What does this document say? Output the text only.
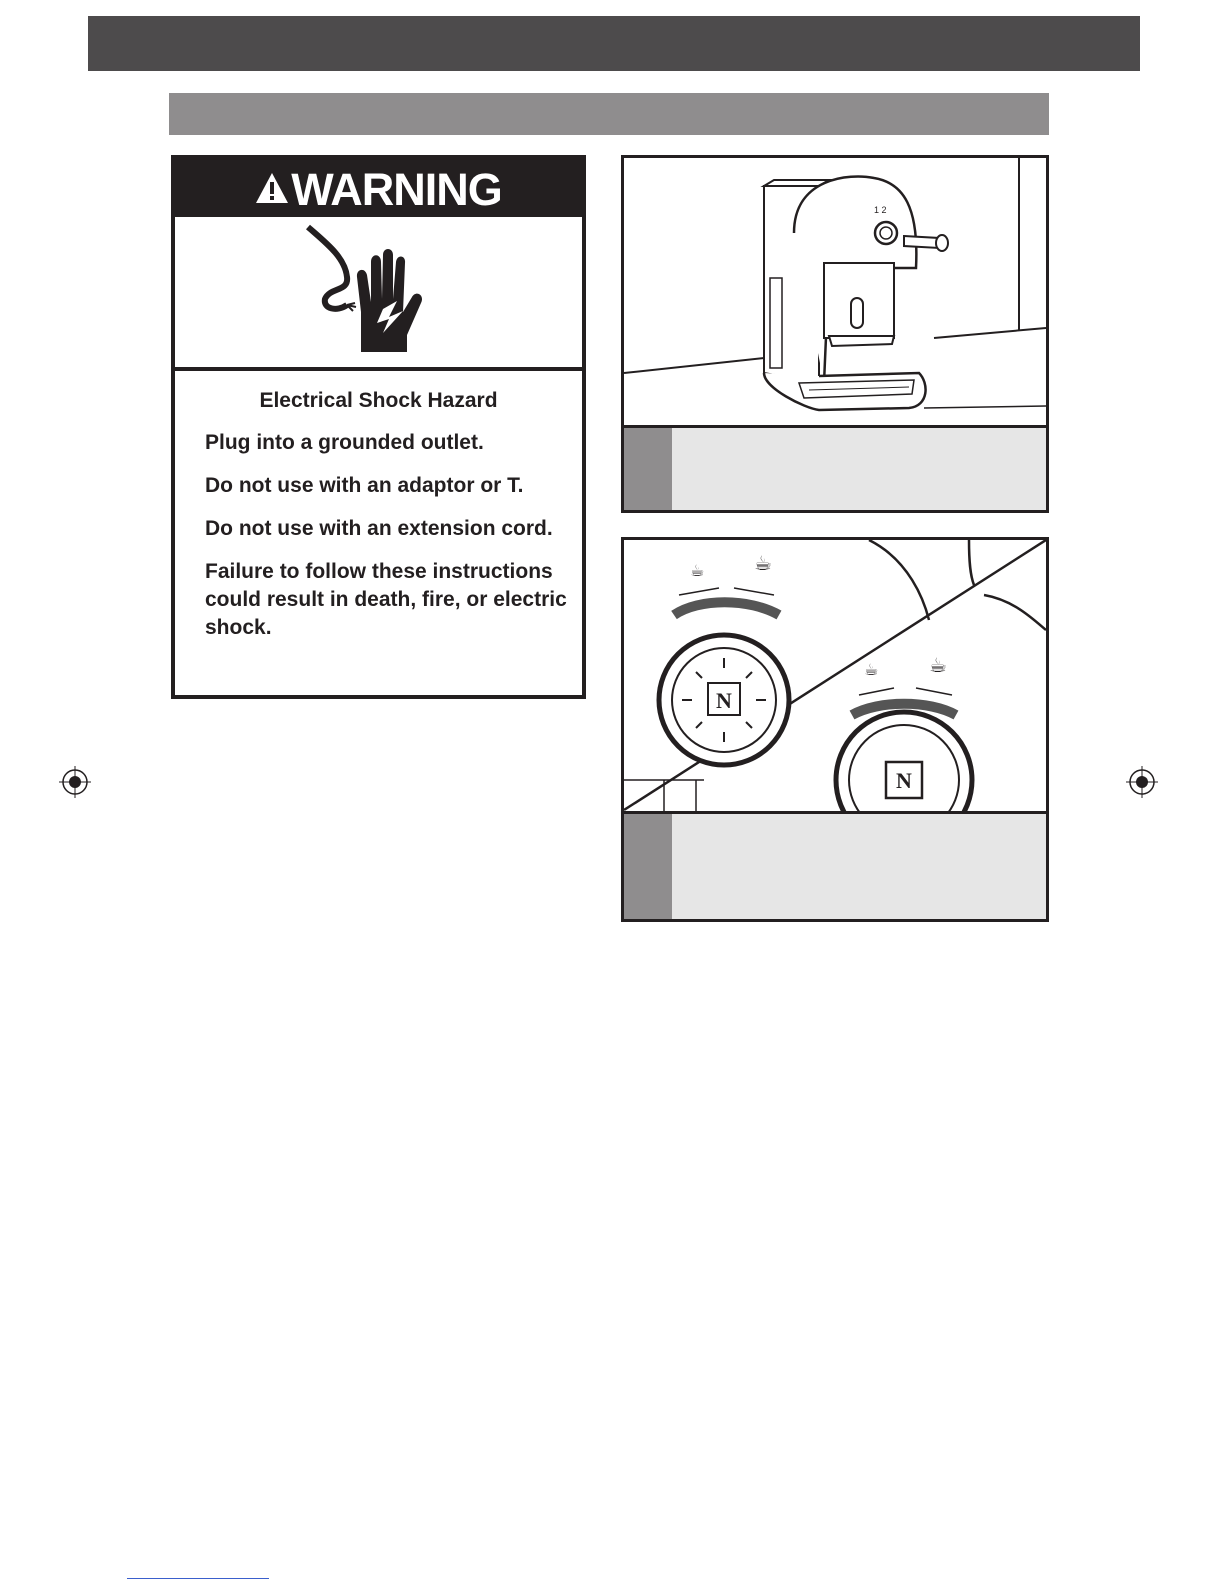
WARNING
Electrical Shock Hazard
Plug into a grounded outlet.
Do not use with an adaptor or T.
Do not use with an extension cord.
Failure to follow these instructions could result in death, fire, or electric shock.
1 2
N
☕ ☕
N
☕	☕
